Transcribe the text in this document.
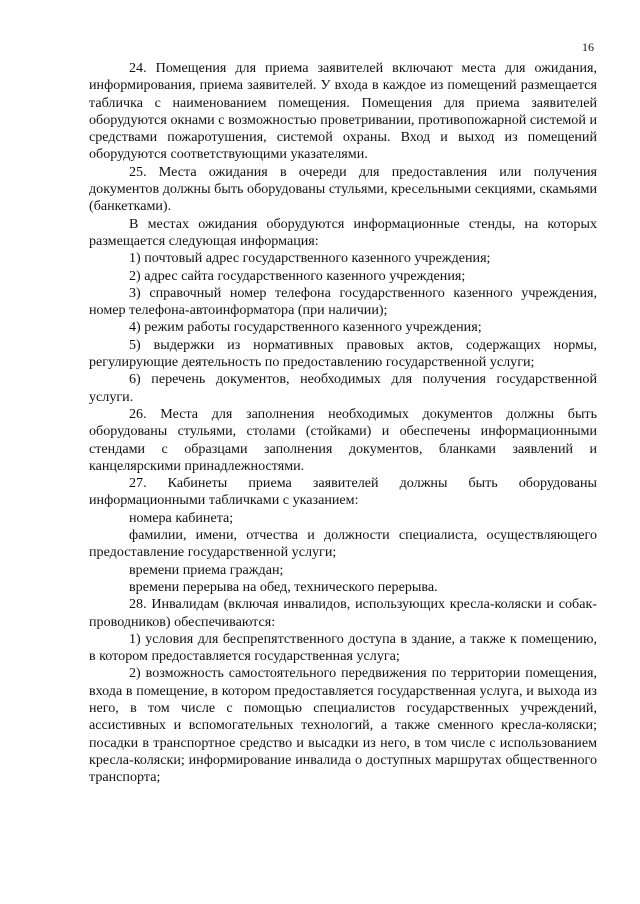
16

24. Помещения для приема заявителей включают места для ожидания, информирования, приема заявителей. У входа в каждое из помещений размещается табличка с наименованием помещения. Помещения для приема заявителей оборудуются окнами с возможностью проветривании, противопожарной системой и средствами пожаротушения, системой охраны. Вход и выход из помещений оборудуются соответствующими указателями.

25. Места ожидания в очереди для предоставления или получения документов должны быть оборудованы стульями, кресельными секциями, скамьями (банкетками).

В местах ожидания оборудуются информационные стенды, на которых размещается следующая информация:

1) почтовый адрес государственного казенного учреждения;

2) адрес сайта государственного казенного учреждения;

3) справочный номер телефона государственного казенного учреждения, номер телефона-автоинформатора (при наличии);

4) режим работы государственного казенного учреждения;

5) выдержки из нормативных правовых актов, содержащих нормы, регулирующие деятельность по предоставлению государственной услуги;

6) перечень документов, необходимых для получения государственной услуги.

26. Места для заполнения необходимых документов должны быть оборудованы стульями, столами (стойками) и обеспечены информационными стендами с образцами заполнения документов, бланками заявлений и канцелярскими принадлежностями.

27. Кабинеты приема заявителей должны быть оборудованы информационными табличками с указанием:

номера кабинета;

фамилии, имени, отчества и должности специалиста, осуществляющего предоставление государственной услуги;

времени приема граждан;

времени перерыва на обед, технического перерыва.

28. Инвалидам (включая инвалидов, использующих кресла-коляски и собак-проводников) обеспечиваются:

1) условия для беспрепятственного доступа в здание, а также к помещению, в котором предоставляется государственная услуга;

2) возможность самостоятельного передвижения по территории помещения, входа в помещение, в котором предоставляется государственная услуга, и выхода из него, в том числе с помощью специалистов государственных учреждений, ассистивных и вспомогательных технологий, а также сменного кресла-коляски; посадки в транспортное средство и высадки из него, в том числе с использованием кресла-коляски; информирование инвалида о доступных маршрутах общественного транспорта;
